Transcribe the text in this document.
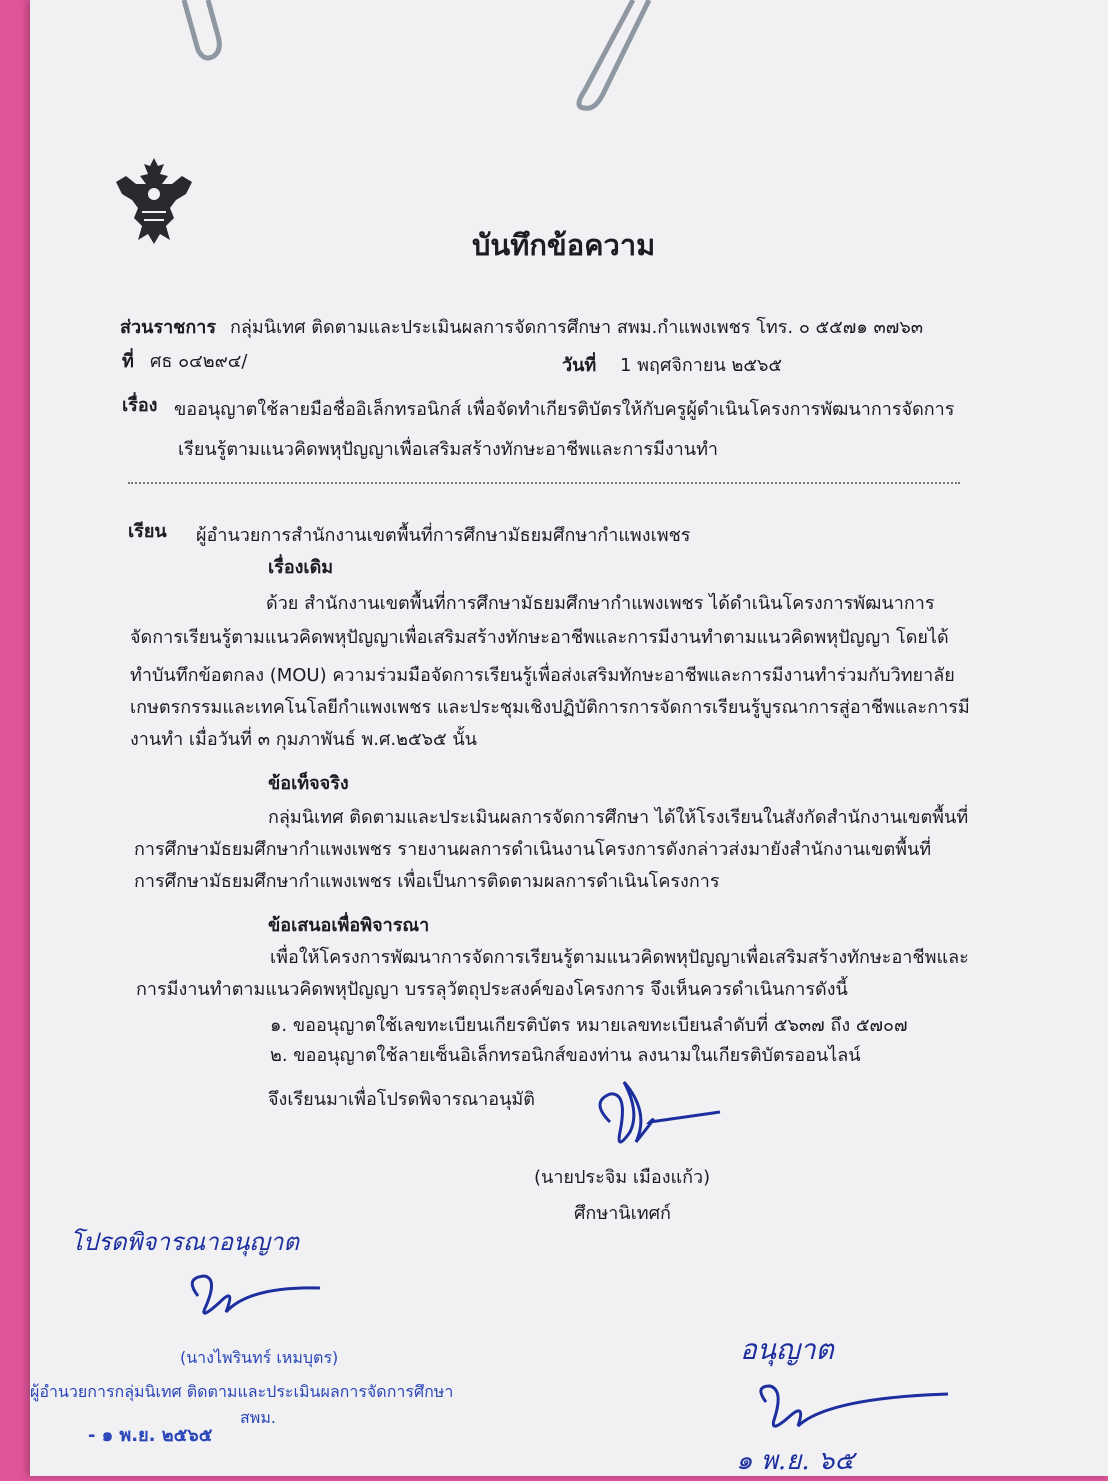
บันทึกข้อความ
ส่วนราชการ กลุ่มนิเทศ ติดตามและประเมินผลการจัดการศึกษา สพม.กำแพงเพชร โทร. ๐ ๕๕๗๑ ๓๗๖๓
ที่ ศธ ๐๔๒๙๔/	วันที่ 1 พฤศจิกายน ๒๕๖๕
เรื่อง ขออนุญาตใช้ลายมือชื่ออิเล็กทรอนิกส์ เพื่อจัดทำเกียรติบัตรให้กับครูผู้ดำเนินโครงการพัฒนาการจัดการ
เรียนรู้ตามแนวคิดพหุปัญญาเพื่อเสริมสร้างทักษะอาชีพและการมีงานทำ
เรียน ผู้อำนวยการสำนักงานเขตพื้นที่การศึกษามัธยมศึกษากำแพงเพชร
เรื่องเดิม
ด้วย สำนักงานเขตพื้นที่การศึกษามัธยมศึกษากำแพงเพชร ได้ดำเนินโครงการพัฒนาการ
จัดการเรียนรู้ตามแนวคิดพหุปัญญาเพื่อเสริมสร้างทักษะอาชีพและการมีงานทำตามแนวคิดพหุปัญญา โดยได้
ทำบันทึกข้อตกลง (MOU) ความร่วมมือจัดการเรียนรู้เพื่อส่งเสริมทักษะอาชีพและการมีงานทำร่วมกับวิทยาลัย
เกษตรกรรมและเทคโนโลยีกำแพงเพชร และประชุมเชิงปฏิบัติการการจัดการเรียนรู้บูรณาการสู่อาชีพและการมี
งานทำ เมื่อวันที่ ๓ กุมภาพันธ์ พ.ศ.๒๕๖๕ นั้น
ข้อเท็จจริง
กลุ่มนิเทศ ติดตามและประเมินผลการจัดการศึกษา ได้ให้โรงเรียนในสังกัดสำนักงานเขตพื้นที่
การศึกษามัธยมศึกษากำแพงเพชร รายงานผลการดำเนินงานโครงการดังกล่าวส่งมายังสำนักงานเขตพื้นที่
การศึกษามัธยมศึกษากำแพงเพชร เพื่อเป็นการติดตามผลการดำเนินโครงการ
ข้อเสนอเพื่อพิจารณา
เพื่อให้โครงการพัฒนาการจัดการเรียนรู้ตามแนวคิดพหุปัญญาเพื่อเสริมสร้างทักษะอาชีพและ
การมีงานทำตามแนวคิดพหุปัญญา บรรลุวัตถุประสงค์ของโครงการ จึงเห็นควรดำเนินการดังนี้
๑. ขออนุญาตใช้เลขทะเบียนเกียรติบัตร หมายเลขทะเบียนลำดับที่ ๕๖๓๗ ถึง ๕๗๐๗
๒. ขออนุญาตใช้ลายเซ็นอิเล็กทรอนิกส์ของท่าน ลงนามในเกียรติบัตรออนไลน์
จึงเรียนมาเพื่อโปรดพิจารณาอนุมัติ
(นายประจิม เมืองแก้ว)
ศึกษานิเทศก์
โปรดพิจารณาอนุญาต
(นางไพรินทร์ เหมบุตร)
ผู้อำนวยการกลุ่มนิเทศ ติดตามและประเมินผลการจัดการศึกษา
สพม.
- ๑ พ.ย. ๒๕๖๕
อนุญาต
๑ พ.ย. ๖๕
